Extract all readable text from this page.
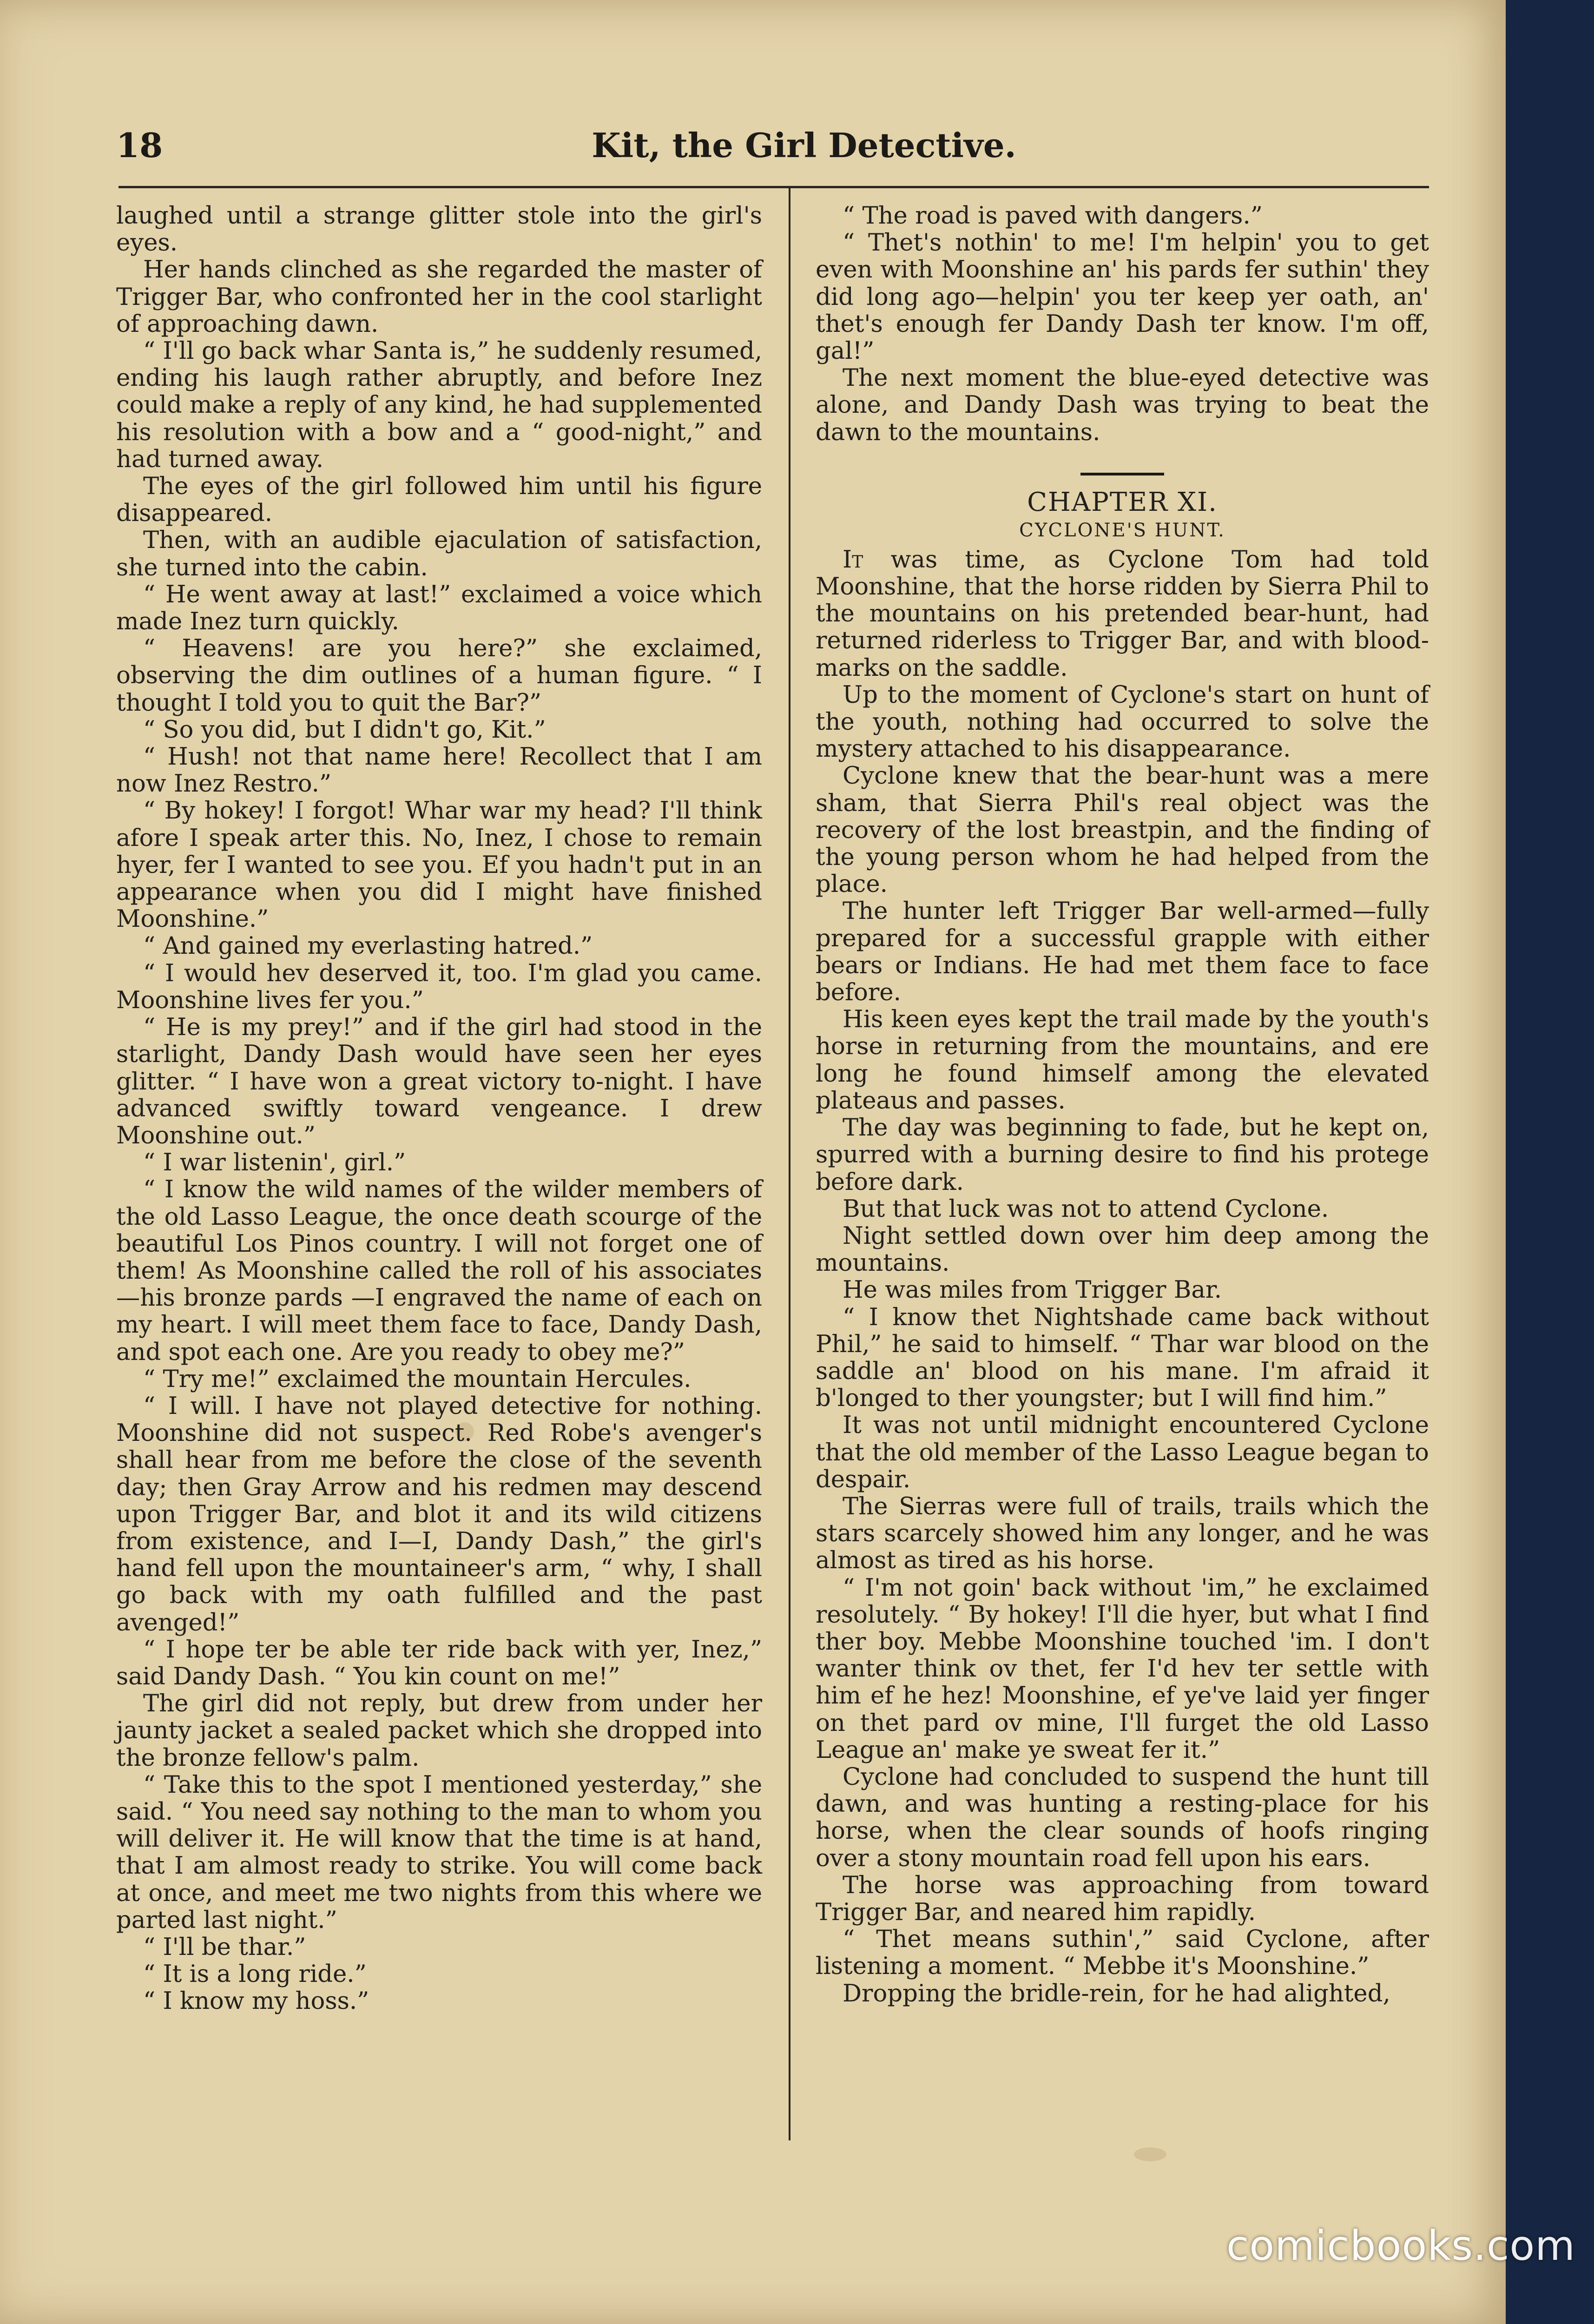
18	Kit, the Girl Detective.

laughed until a strange glitter stole into the girl's eyes.

Her hands clinched as she regarded the master of Trigger Bar, who confronted her in the cool starlight of approaching dawn.

“ I'll go back whar Santa is,” he suddenly resumed, ending his laugh rather abruptly, and before Inez could make a reply of any kind, he had supplemented his resolution with a bow and a “ good-night,” and had turned away.

The eyes of the girl followed him until his figure disappeared.

Then, with an audible ejaculation of satisfaction, she turned into the cabin.

“ He went away at last!” exclaimed a voice which made Inez turn quickly.

“ Heavens! are you here?” she exclaimed, observing the dim outlines of a human figure. “ I thought I told you to quit the Bar?”

“ So you did, but I didn't go, Kit.”

“ Hush! not that name here! Recollect that I am now Inez Restro.”

“ By hokey! I forgot! Whar war my head? I'll think afore I speak arter this. No, Inez, I chose to remain hyer, fer I wanted to see you. Ef you hadn't put in an appearance when you did I might have finished Moonshine.”

“ And gained my everlasting hatred.”

“ I would hev deserved it, too. I'm glad you came. Moonshine lives fer you.”

“ He is my prey!” and if the girl had stood in the starlight, Dandy Dash would have seen her eyes glitter. “ I have won a great victory to-night. I have advanced swiftly toward vengeance. I drew Moonshine out.”

“ I war listenin', girl.”

“ I know the wild names of the wilder members of the old Lasso League, the once death scourge of the beautiful Los Pinos country. I will not forget one of them! As Moonshine called the roll of his associates—his bronze pards —I engraved the name of each on my heart. I will meet them face to face, Dandy Dash, and spot each one. Are you ready to obey me?”

“ Try me!” exclaimed the mountain Hercules.

“ I will. I have not played detective for nothing. Moonshine did not suspect. Red Robe's avenger's shall hear from me before the close of the seventh day; then Gray Arrow and his redmen may descend upon Trigger Bar, and blot it and its wild citizens from existence, and I—I, Dandy Dash,” the girl's hand fell upon the mountaineer's arm, “ why, I shall go back with my oath fulfilled and the past avenged!”

“ I hope ter be able ter ride back with yer, Inez,” said Dandy Dash. “ You kin count on me!”

The girl did not reply, but drew from under her jaunty jacket a sealed packet which she dropped into the bronze fellow's palm.

“ Take this to the spot I mentioned yesterday,” she said. “ You need say nothing to the man to whom you will deliver it. He will know that the time is at hand, that I am almost ready to strike. You will come back at once, and meet me two nights from this where we parted last night.”

“ I'll be thar.”

“ It is a long ride.”

“ I know my hoss.”

“ The road is paved with dangers.”

“ Thet's nothin' to me! I'm helpin' you to get even with Moonshine an' his pards fer suthin' they did long ago—helpin' you ter keep yer oath, an' thet's enough fer Dandy Dash ter know. I'm off, gal!”

The next moment the blue-eyed detective was alone, and Dandy Dash was trying to beat the dawn to the mountains.

CHAPTER XI.
CYCLONE'S HUNT.

It was time, as Cyclone Tom had told Moonshine, that the horse ridden by Sierra Phil to the mountains on his pretended bear-hunt, had returned riderless to Trigger Bar, and with blood-marks on the saddle.

Up to the moment of Cyclone's start on hunt of the youth, nothing had occurred to solve the mystery attached to his disappearance.

Cyclone knew that the bear-hunt was a mere sham, that Sierra Phil's real object was the recovery of the lost breastpin, and the finding of the young person whom he had helped from the place.

The hunter left Trigger Bar well-armed—fully prepared for a successful grapple with either bears or Indians. He had met them face to face before.

His keen eyes kept the trail made by the youth's horse in returning from the mountains, and ere long he found himself among the elevated plateaus and passes.

The day was beginning to fade, but he kept on, spurred with a burning desire to find his protege before dark.

But that luck was not to attend Cyclone.

Night settled down over him deep among the mountains.

He was miles from Trigger Bar.

“ I know thet Nightshade came back without Phil,” he said to himself. “ Thar war blood on the saddle an' blood on his mane. I'm afraid it b'longed to ther youngster; but I will find him.”

It was not until midnight encountered Cyclone that the old member of the Lasso League began to despair.

The Sierras were full of trails, trails which the stars scarcely showed him any longer, and he was almost as tired as his horse.

“ I'm not goin' back without 'im,” he exclaimed resolutely. “ By hokey! I'll die hyer, but what I find ther boy. Mebbe Moonshine touched 'im. I don't wanter think ov thet, fer I'd hev ter settle with him ef he hez! Moonshine, ef ye've laid yer finger on thet pard ov mine, I'll furget the old Lasso League an' make ye sweat fer it.”

Cyclone had concluded to suspend the hunt till dawn, and was hunting a resting-place for his horse, when the clear sounds of hoofs ringing over a stony mountain road fell upon his ears.

The horse was approaching from toward Trigger Bar, and neared him rapidly.

“ Thet means suthin',” said Cyclone, after listening a moment. “ Mebbe it's Moonshine.”

Dropping the bridle-rein, for he had alighted,

comicbooks.com
